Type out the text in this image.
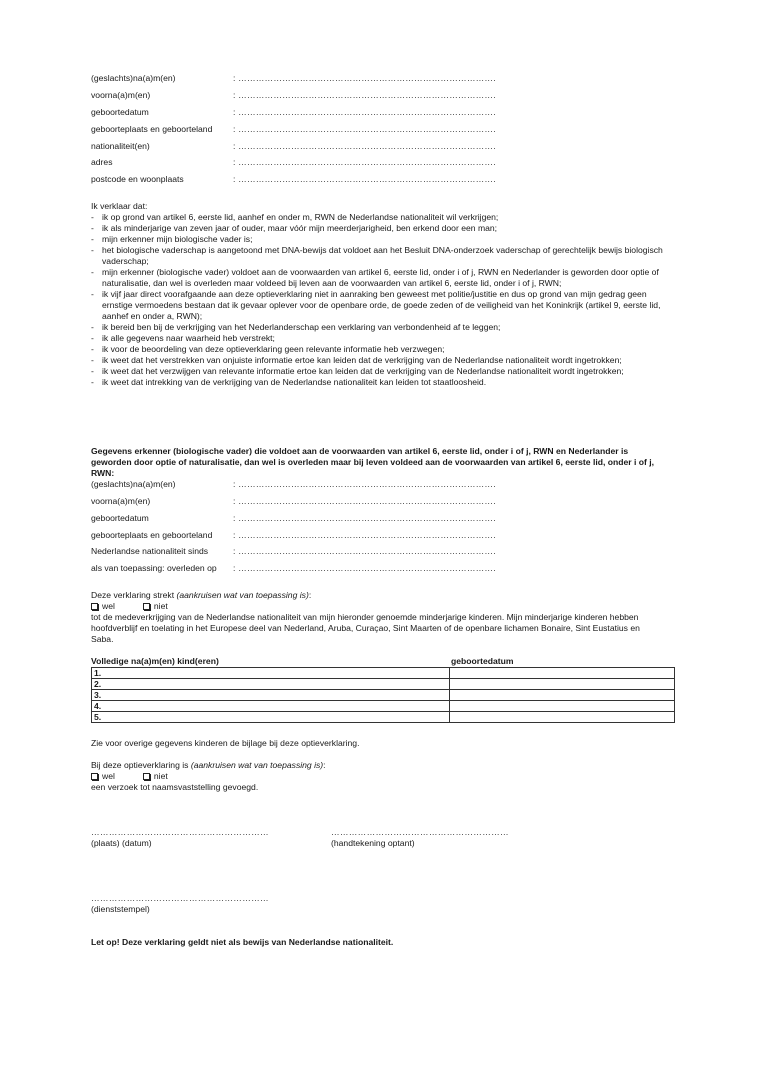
(geslachts)na(a)m(en)	: …………………………………………………………………………….
voorna(a)m(en)	: …………………………………………………………………………….
geboortedatum	: …………………………………………………………………………….
geboorteplaats en geboorteland : …………………………………………………………………………….
nationaliteit(en)	: …………………………………………………………………………….
adres	: …………………………………………………………………………….
postcode en woonplaats	: …………………………………………………………………………….
Ik verklaar dat:
- ik op grond van artikel 6, eerste lid, aanhef en onder m, RWN de Nederlandse nationaliteit wil verkrijgen;
- ik als minderjarige van zeven jaar of ouder, maar vóór mijn meerderjarigheid, ben erkend door een man;
- mijn erkenner mijn biologische vader is;
- het biologische vaderschap is aangetoond met DNA-bewijs dat voldoet aan het Besluit DNA-onderzoek vaderschap of gerechtelijk bewijs biologisch vaderschap;
- mijn erkenner (biologische vader) voldoet aan de voorwaarden van artikel 6, eerste lid, onder i of j, RWN en Nederlander is geworden door optie of naturalisatie, dan wel is overleden maar voldeed bij leven aan de voorwaarden van artikel 6, eerste lid, onder i of j, RWN;
- ik vijf jaar direct voorafgaande aan deze optieverklaring niet in aanraking ben geweest met politie/justitie en dus op grond van mijn gedrag geen ernstige vermoedens bestaan dat ik gevaar oplever voor de openbare orde, de goede zeden of de veiligheid van het Koninkrijk (artikel 9, eerste lid, aanhef en onder a, RWN);
- ik bereid ben bij de verkrijging van het Nederlanderschap een verklaring van verbondenheid af te leggen;
- ik alle gegevens naar waarheid heb verstrekt;
- ik voor de beoordeling van deze optieverklaring geen relevante informatie heb verzwegen;
- ik weet dat het verstrekken van onjuiste informatie ertoe kan leiden dat de verkrijging van de Nederlandse nationaliteit wordt ingetrokken;
- ik weet dat het verzwijgen van relevante informatie ertoe kan leiden dat de verkrijging van de Nederlandse nationaliteit wordt ingetrokken;
- ik weet dat intrekking van de verkrijging van de Nederlandse nationaliteit kan leiden tot staatloosheid.
Gegevens erkenner (biologische vader) die voldoet aan de voorwaarden van artikel 6, eerste lid, onder i of j, RWN en Nederlander is geworden door optie of naturalisatie, dan wel is overleden maar bij leven voldeed aan de voorwaarden van artikel 6, eerste lid, onder i of j, RWN:
(geslachts)na(a)m(en)	: …………………………………………………………………………….
voorna(a)m(en)	: …………………………………………………………………………….
geboortedatum	: …………………………………………………………………………….
geboorteplaats en geboorteland : …………………………………………………………………………….
Nederlandse nationaliteit sinds	: …………………………………………………………………………….
als van toepassing: overleden op : …………………………………………………………………………….
Deze verklaring strekt (aankruisen wat van toepassing is):
wel	niet
tot de medeverkrijging van de Nederlandse nationaliteit van mijn hieronder genoemde minderjarige kinderen. Mijn minderjarige kinderen hebben hoofdverblijf en toelating in het Europese deel van Nederland, Aruba, Curaçao, Sint Maarten of de openbare lichamen Bonaire, Sint Eustatius en Saba.
Volledige na(a)m(en) kind(eren)	geboortedatum
1.	
2.	
3.	
4.	
5.	
Zie voor overige gegevens kinderen de bijlage bij deze optieverklaring.
Bij deze optieverklaring is (aankruisen wat van toepassing is):
wel	niet
een verzoek tot naamsvaststelling gevoegd.
……………………………………………………
(plaats) (datum)
……………………………………………………
(handtekening optant)
……………………………………………………
(dienststempel)
Let op! Deze verklaring geldt niet als bewijs van Nederlandse nationaliteit.
